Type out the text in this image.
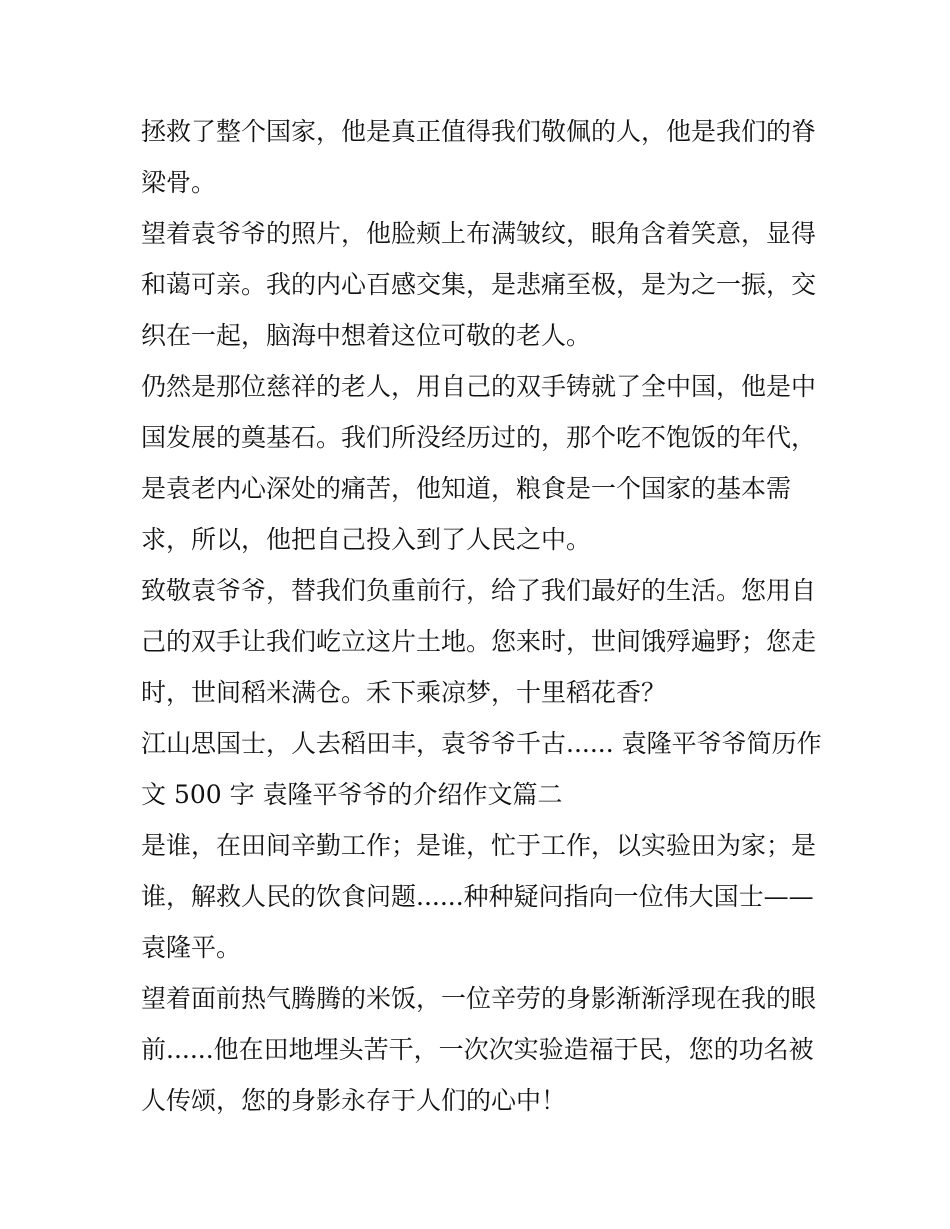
拯救了整个国家，他是真正值得我们敬佩的人，他是我们的脊
梁骨。

望着袁爷爷的照片，他脸颊上布满皱纹，眼角含着笑意，显得
和蔼可亲。我的内心百感交集，是悲痛至极，是为之一振，交
织在一起，脑海中想着这位可敬的老人。

仍然是那位慈祥的老人，用自己的双手铸就了全中国，他是中
国发展的奠基石。我们所没经历过的，那个吃不饱饭的年代，
是袁老内心深处的痛苦，他知道，粮食是一个国家的基本需
求，所以，他把自己投入到了人民之中。

致敬袁爷爷，替我们负重前行，给了我们最好的生活。您用自
己的双手让我们屹立这片土地。您来时，世间饿殍遍野；您走
时，世间稻米满仓。禾下乘凉梦，十里稻花香？

江山思国士，人去稻田丰，袁爷爷千古...... 袁隆平爷爷简历作
文 500 字 袁隆平爷爷的介绍作文篇二

是谁，在田间辛勤工作；是谁，忙于工作，以实验田为家；是
谁，解救人民的饮食问题......种种疑问指向一位伟大国士——
袁隆平。

望着面前热气腾腾的米饭，一位辛劳的身影渐渐浮现在我的眼
前......他在田地埋头苦干，一次次实验造福于民，您的功名被
人传颂，您的身影永存于人们的心中！
